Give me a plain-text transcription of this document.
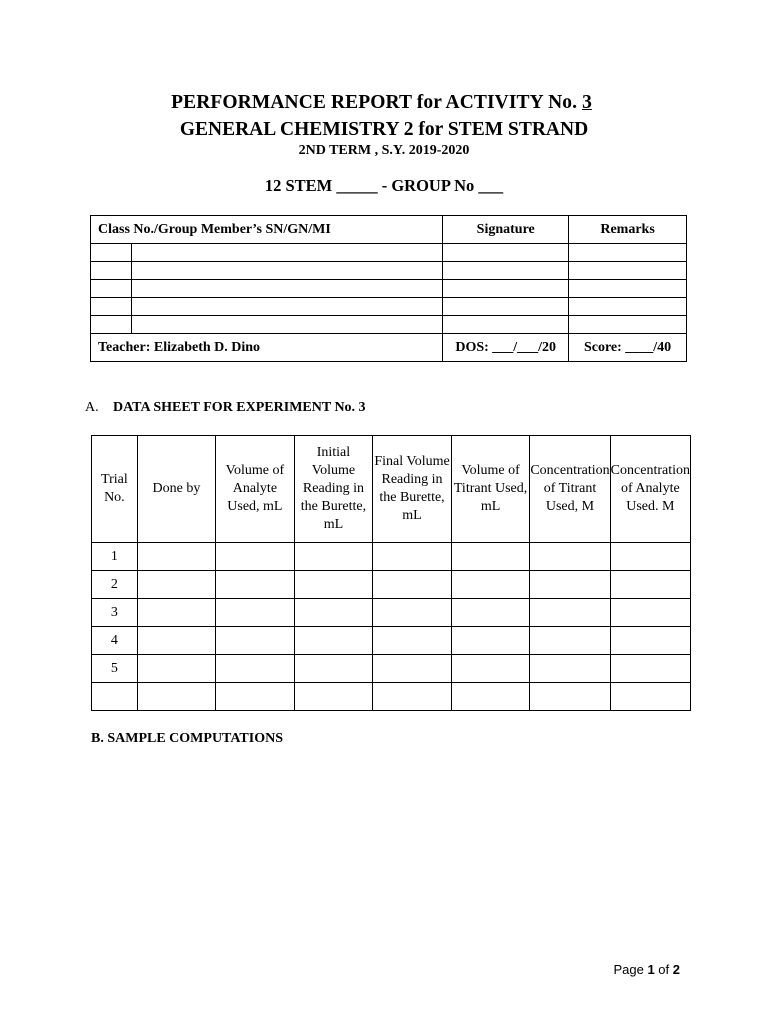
PERFORMANCE REPORT for ACTIVITY No. 3
GENERAL CHEMISTRY 2 for STEM STRAND
2ND TERM , S.Y. 2019-2020
12 STEM _____ - GROUP No ___
Class No./Group Member’s SN/GN/MI		Signature	Remarks

Teacher: Elizabeth D. Dino		DOS: ___/___/20	Score: ____/40
A. DATA SHEET FOR EXPERIMENT No. 3
Trial No.	Done by	Volume of Analyte Used, mL	Initial Volume Reading in the Burette, mL	Final Volume Reading in the Burette, mL	Volume of Titrant Used, mL	Concentration of Titrant Used, M	Concentration of Analyte Used. M
1							
2							
3							
4							
5							

B. SAMPLE COMPUTATIONS
Page 1 of 2
